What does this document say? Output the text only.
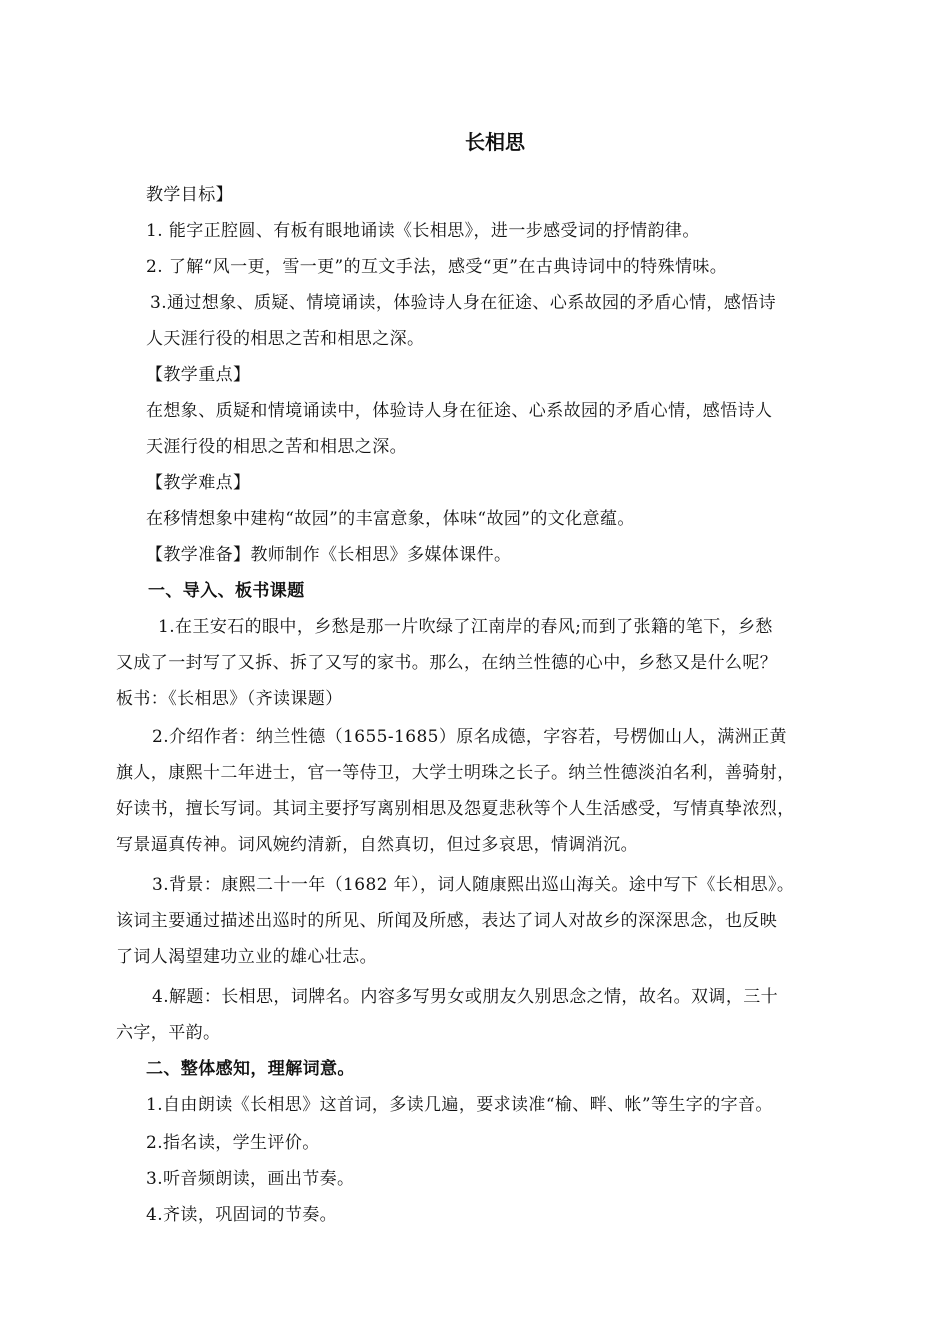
长相思
教学目标】
1. 能字正腔圆、有板有眼地诵读《长相思》，进一步感受词的抒情韵律。
2. 了解“风一更，雪一更”的互文手法，感受“更”在古典诗词中的特殊情味。
3.通过想象、质疑、情境诵读，体验诗人身在征途、心系故园的矛盾心情，感悟诗
人天涯行役的相思之苦和相思之深。
【教学重点】
在想象、质疑和情境诵读中，体验诗人身在征途、心系故园的矛盾心情，感悟诗人
天涯行役的相思之苦和相思之深。
【教学难点】
在移情想象中建构“故园”的丰富意象，体味“故园”的文化意蕴。
【教学准备】教师制作《长相思》多媒体课件。
一、导入、板书课题
1.在王安石的眼中，乡愁是那一片吹绿了江南岸的春风;而到了张籍的笔下，乡愁
又成了一封写了又拆、拆了又写的家书。那么，在纳兰性德的心中，乡愁又是什么呢？
板书：《长相思》（齐读课题）
2.介绍作者：纳兰性德（1655-1685）原名成德，字容若，号楞伽山人，满洲正黄
旗人，康熙十二年进士，官一等侍卫，大学士明珠之长子。纳兰性德淡泊名利，善骑射，
好读书，擅长写词。其词主要抒写离别相思及怨夏悲秋等个人生活感受，写情真挚浓烈，
写景逼真传神。词风婉约清新，自然真切，但过多哀思，情调消沉。
3.背景：康熙二十一年（1682 年），词人随康熙出巡山海关。途中写下《长相思》。
该词主要通过描述出巡时的所见、所闻及所感，表达了词人对故乡的深深思念，也反映
了词人渴望建功立业的雄心壮志。
4.解题：长相思，词牌名。内容多写男女或朋友久别思念之情，故名。双调，三十
六字，平韵。
二、整体感知，理解词意。
1.自由朗读《长相思》这首词，多读几遍，要求读准“榆、畔、帐”等生字的字音。
2.指名读，学生评价。
3.听音频朗读，画出节奏。
4.齐读，巩固词的节奏。
